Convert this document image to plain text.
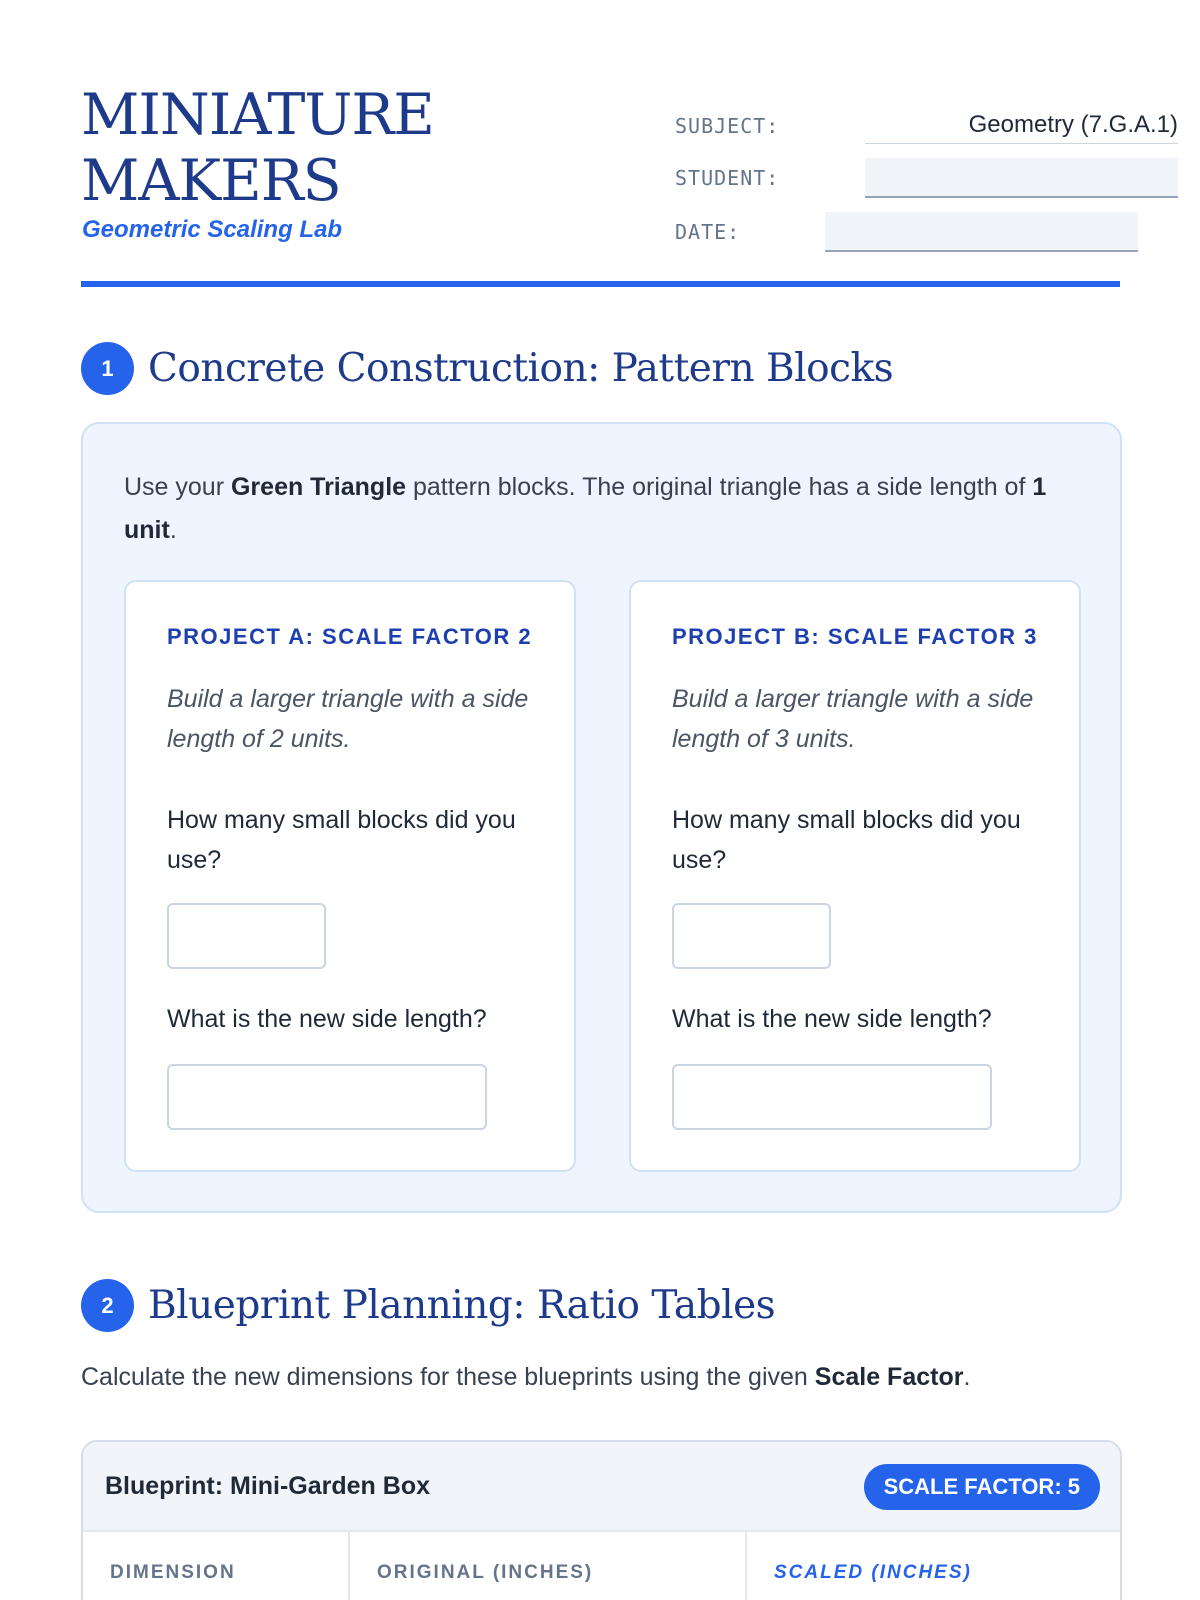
MINIATURE
MAKERS
Geometric Scaling Lab
SUBJECT:	Geometry (7.G.A.1)
STUDENT:
DATE:
1 Concrete Construction: Pattern Blocks
Use your Green Triangle pattern blocks. The original triangle has a side length of 1 unit.
PROJECT A: SCALE FACTOR 2
Build a larger triangle with a side length of 2 units.
How many small blocks did you use?
What is the new side length?
PROJECT B: SCALE FACTOR 3
Build a larger triangle with a side length of 3 units.
How many small blocks did you use?
What is the new side length?
2 Blueprint Planning: Ratio Tables
Calculate the new dimensions for these blueprints using the given Scale Factor.
Blueprint: Mini-Garden Box	SCALE FACTOR: 5
DIMENSION	ORIGINAL (INCHES)	SCALED (INCHES)
